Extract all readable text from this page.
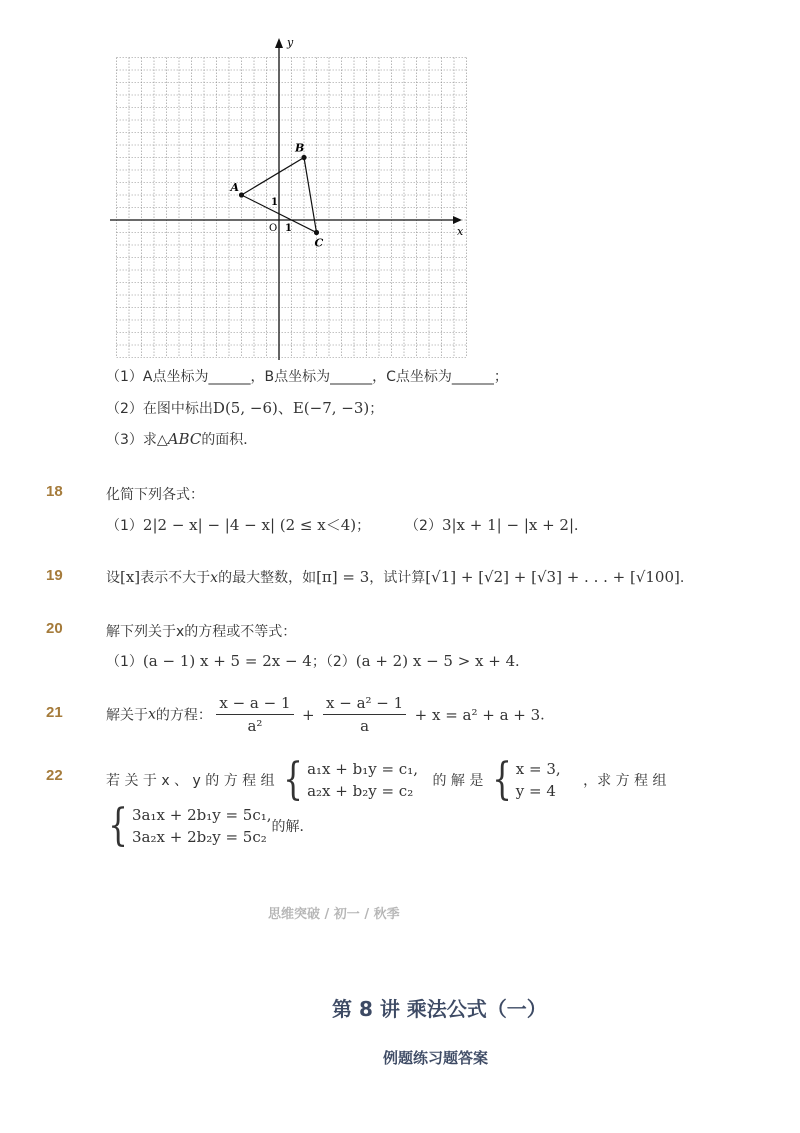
A
B
C
x
y
O 1
1
（1）A点坐标为______，B点坐标为______，C点坐标为______；
（2）在图中标出D(5, −6)、E(−7, −3)；
（3）求△ABC的面积．
18	化简下列各式：
（1）2|2 − x| − |4 − x| (2 ≤ x＜4)； （2）3|x + 1| − |x + 2|．
19	设[x]表示不大于x的最大整数，如[π] = 3，试计算[√1] + [√2] + [√3] + . . . + [√100].
20	解下列关于x的方程或不等式：
（1）(a − 1) x + 5 = 2x − 4；（2）(a + 2) x − 5 > x + 4．
21	解关于x的方程： $\frac{x - a - 1}{\text{a²}} + \frac{\text{x − a² − 1}}{a} + x = a^2 + a + 3$．
22	若 关 于 x 、 y 的 方 程 组 { a₁x + b₁y = c₁,
a₂x + b₂y = c₂
的 解 是 { x = 3,
y = 4
，求 方 程 组
{ 3a₁x + 2b₁y = 5c₁,
3a₂x + 2b₂y = 5c₂
的解．
思维突破 / 初一 / 秋季
第 8 讲 乘法公式（一）
例题练习题答案
